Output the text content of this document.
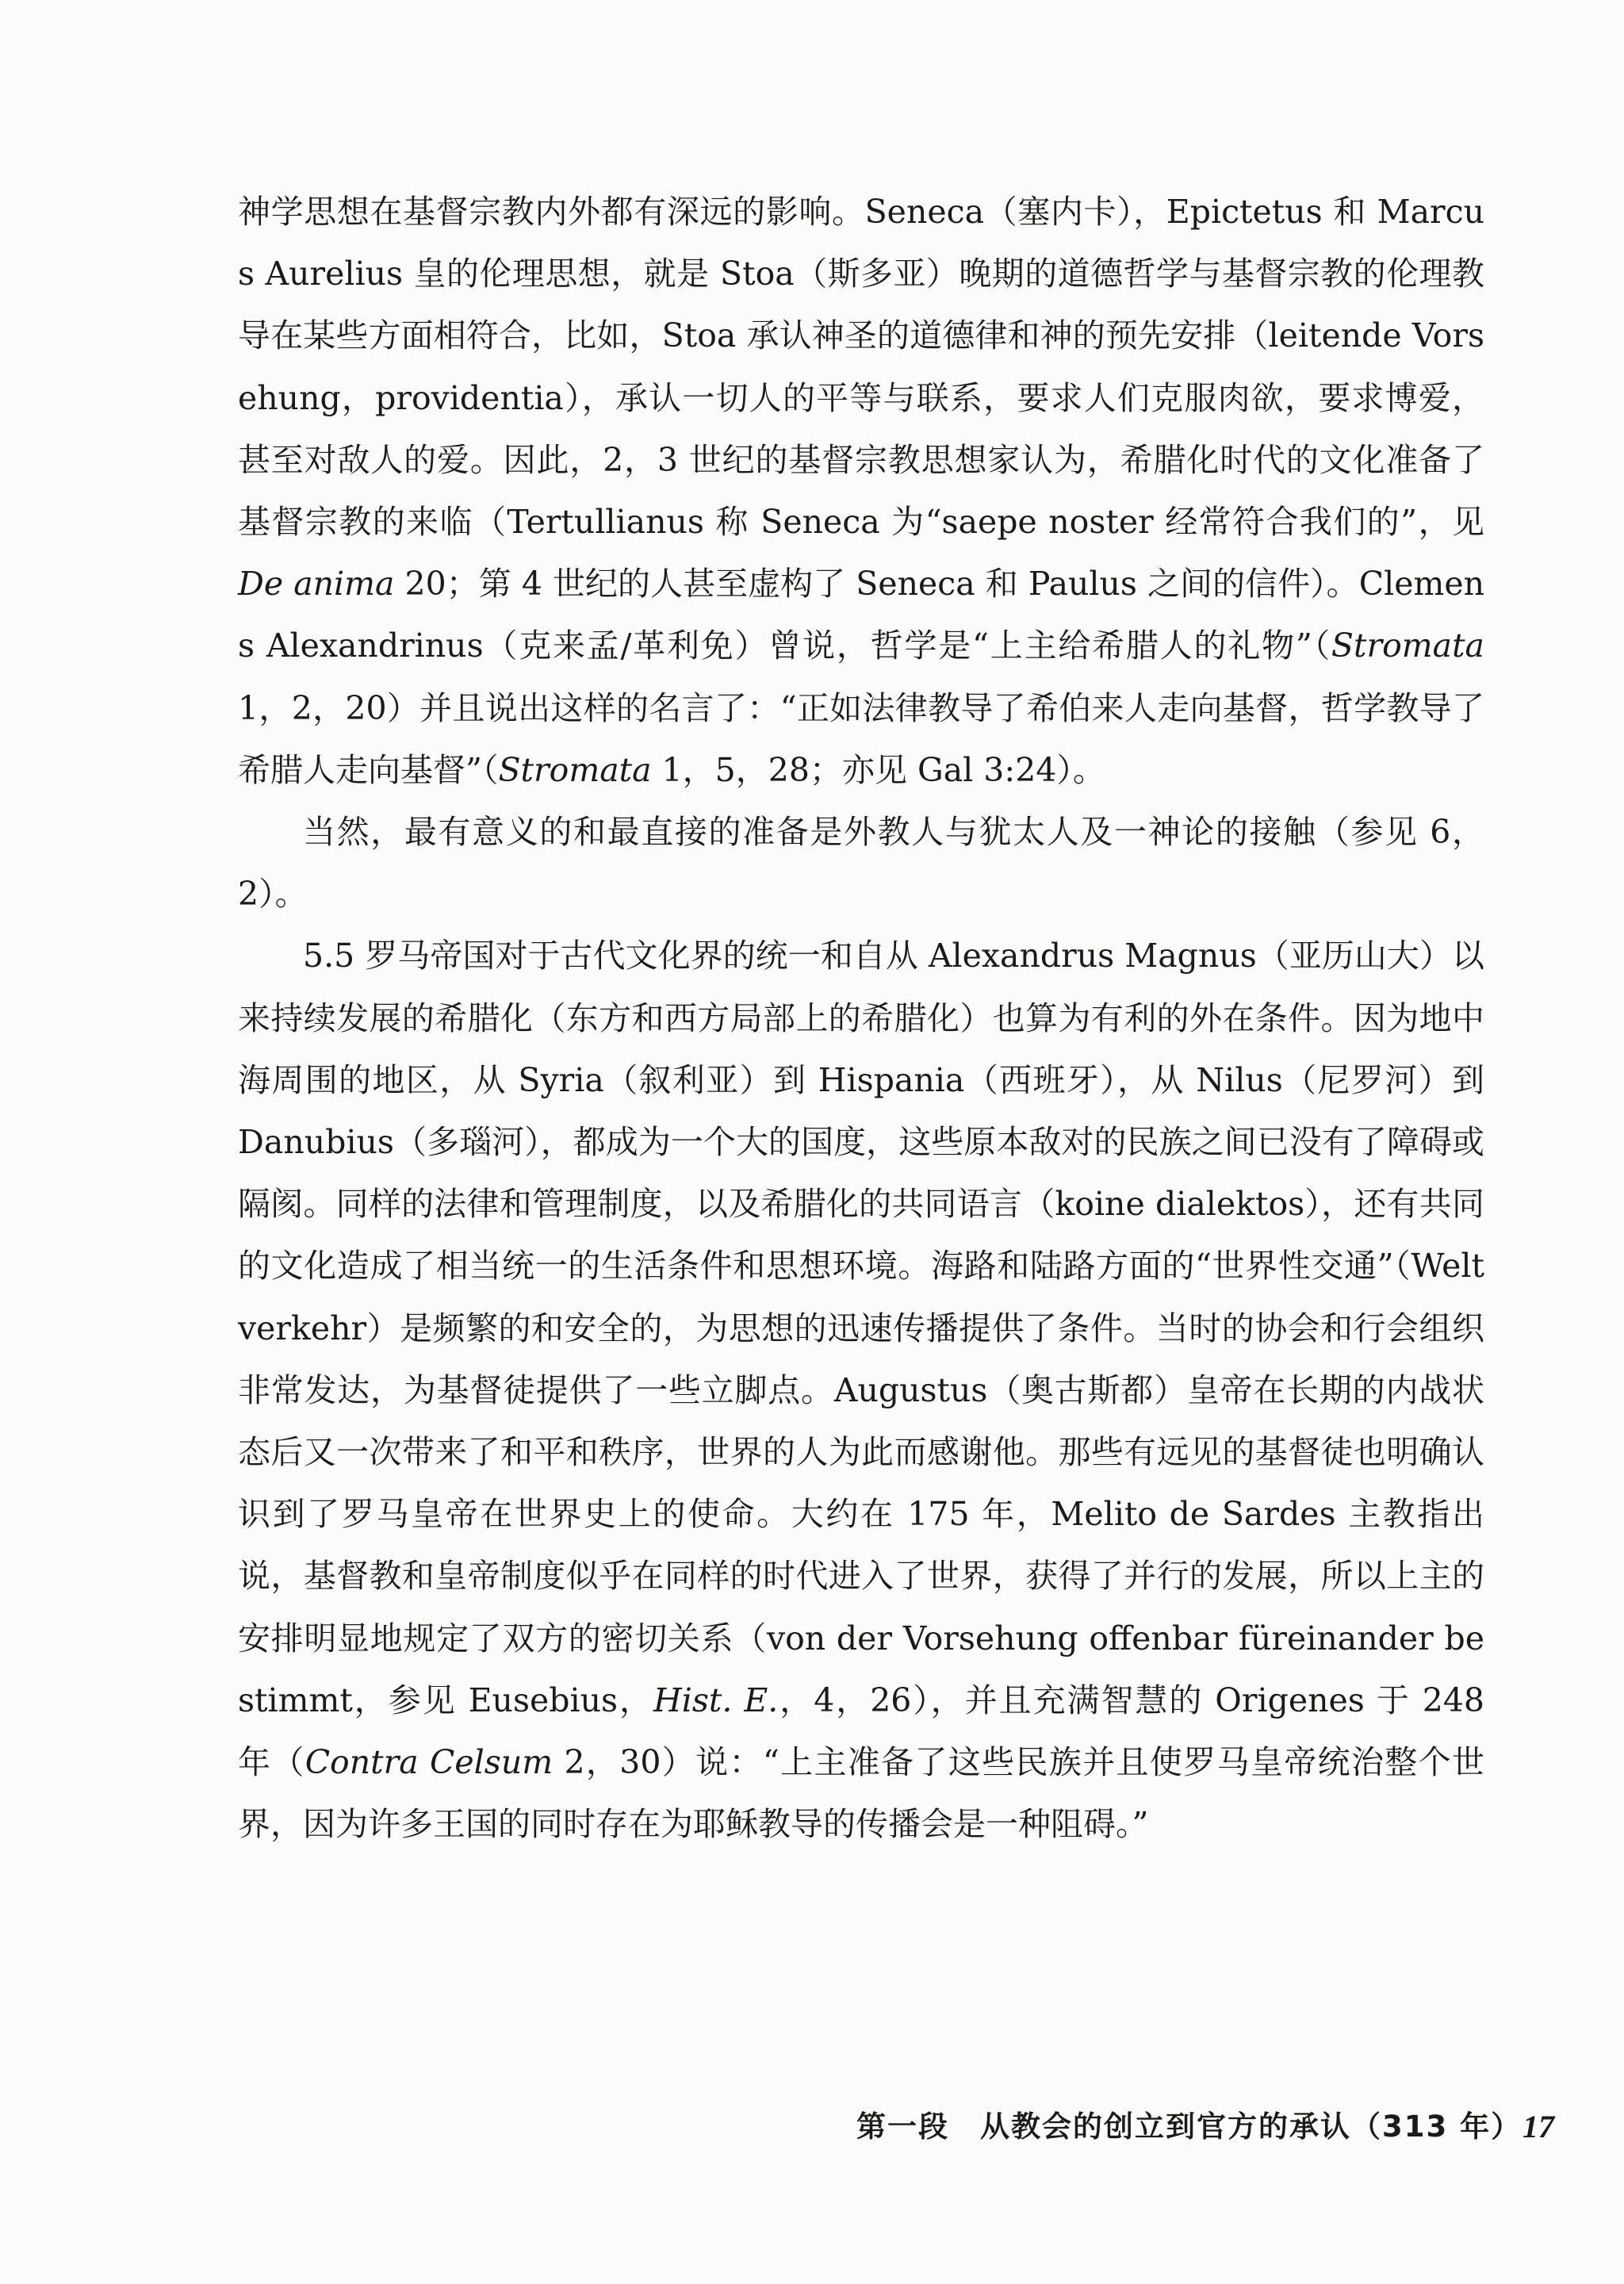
神学思想在基督宗教内外都有深远的影响。Seneca（塞内卡），Epictetus 和 Marcus Aurelius 皇的伦理思想，就是 Stoa（斯多亚）晚期的道德哲学与基督宗教的伦理教导在某些方面相符合，比如，Stoa 承认神圣的道德律和神的预先安排（leitende Vorsehung，providentia），承认一切人的平等与联系，要求人们克服肉欲，要求博爱，甚至对敌人的爱。因此，2，3 世纪的基督宗教思想家认为，希腊化时代的文化准备了基督宗教的来临（Tertullianus 称 Seneca 为“saepe noster 经常符合我们的”，见 De anima 20；第 4 世纪的人甚至虚构了 Seneca 和 Paulus 之间的信件）。Clemens Alexandrinus（克来孟/革利免）曾说，哲学是“上主给希腊人的礼物”（Stromata 1，2，20）并且说出这样的名言了：“正如法律教导了希伯来人走向基督，哲学教导了希腊人走向基督”（Stromata 1，5，28；亦见 Gal 3:24）。

当然，最有意义的和最直接的准备是外教人与犹太人及一神论的接触（参见 6，2）。

5.5 罗马帝国对于古代文化界的统一和自从 Alexandrus Magnus（亚历山大）以来持续发展的希腊化（东方和西方局部上的希腊化）也算为有利的外在条件。因为地中海周围的地区，从 Syria（叙利亚）到 Hispania（西班牙），从 Nilus（尼罗河）到 Danubius（多瑙河），都成为一个大的国度，这些原本敌对的民族之间已没有了障碍或隔阂。同样的法律和管理制度，以及希腊化的共同语言（koine dialektos），还有共同的文化造成了相当统一的生活条件和思想环境。海路和陆路方面的“世界性交通”（Weltverkehr）是频繁的和安全的，为思想的迅速传播提供了条件。当时的协会和行会组织非常发达，为基督徒提供了一些立脚点。Augustus（奥古斯都）皇帝在长期的内战状态后又一次带来了和平和秩序，世界的人为此而感谢他。那些有远见的基督徒也明确认识到了罗马皇帝在世界史上的使命。大约在 175 年，Melito de Sardes 主教指出说，基督教和皇帝制度似乎在同样的时代进入了世界，获得了并行的发展，所以上主的安排明显地规定了双方的密切关系（von der Vorsehung offenbar füreinander bestimmt，参见 Eusebius，Hist. E.，4，26），并且充满智慧的 Origenes 于 248 年（Contra Celsum 2，30）说：“上主准备了这些民族并且使罗马皇帝统治整个世界，因为许多王国的同时存在为耶稣教导的传播会是一种阻碍。”

第一段　从教会的创立到官方的承认（313 年） 17
